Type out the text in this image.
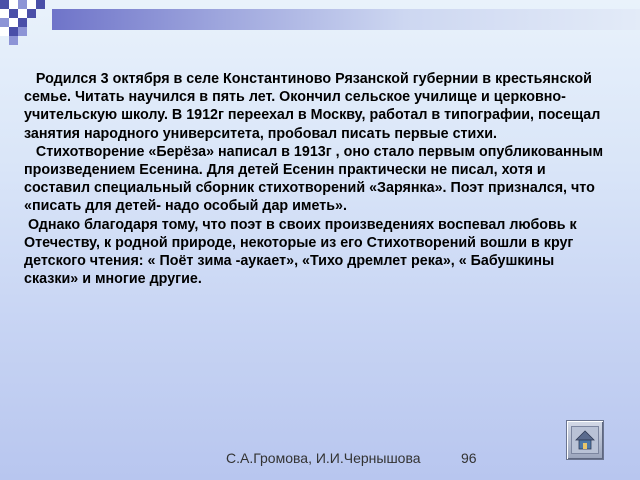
Родился 3 октября в селе Константиново Рязанской губернии в крестьянской семье. Читать научился в пять лет. Окончил сельское училище и церковно-учительскую школу. В 1912г переехал в Москву, работал в типографии, посещал занятия народного университета, пробовал писать первые стихи.

Стихотворение «Берёза» написал в 1913г , оно стало первым опубликованным произведением Есенина. Для детей Есенин практически не писал, хотя и составил специальный сборник стихотворений «Зарянка». Поэт признался, что «писать для детей- надо особый дар иметь».

Однако благодаря тому, что поэт в своих произведениях воспевал любовь к Отечеству, к родной природе, некоторые из его Стихотворений вошли в круг детского чтения: « Поёт зима -аукает», «Тихо дремлет река», « Бабушкины сказки» и многие другие.

С.А.Громова, И.И.Чернышова	96
